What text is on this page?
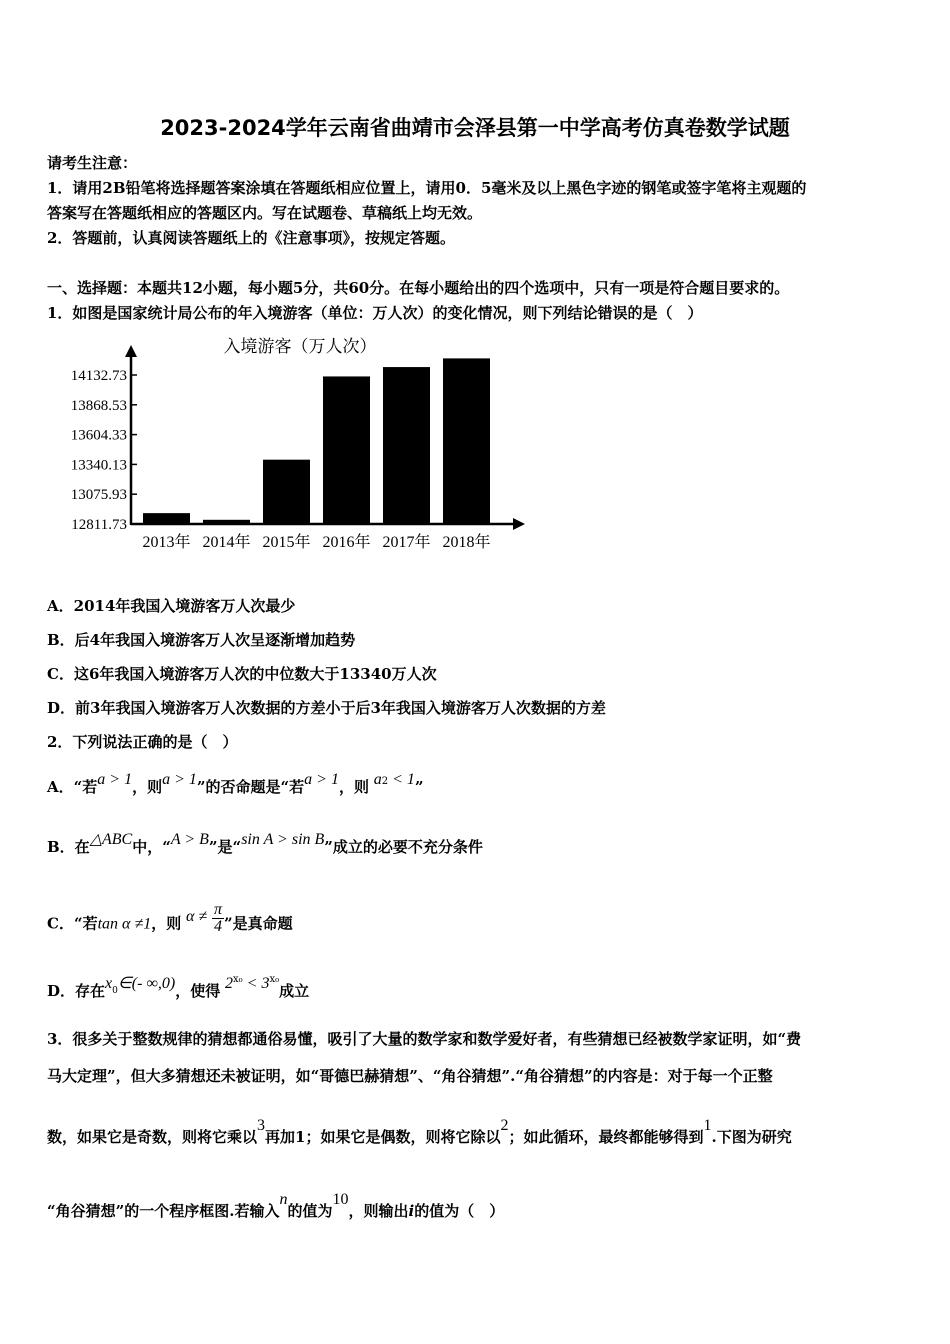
2023-2024学年云南省曲靖市会泽县第一中学高考仿真卷数学试题
请考生注意：
1．请用2B铅笔将选择题答案涂填在答题纸相应位置上，请用0．5毫米及以上黑色字迹的钢笔或签字笔将主观题的
答案写在答题纸相应的答题区内。写在试题卷、草稿纸上均无效。
2．答题前，认真阅读答题纸上的《注意事项》，按规定答题。
一、选择题：本题共12小题，每小题5分，共60分。在每小题给出的四个选项中，只有一项是符合题目要求的。
1．如图是国家统计局公布的年入境游客（单位：万人次）的变化情况，则下列结论错误的是（　）
入境游客（万人次）
12811.73
13075.93
13340.13
13604.33
13868.53
14132.73
2013年 2014年 2015年 2016年 2017年 2018年
A．2014年我国入境游客万人次最少
B．后4年我国入境游客万人次呈逐渐增加趋势
C．这6年我国入境游客万人次的中位数大于13340万人次
D．前3年我国入境游客万人次数据的方差小于后3年我国入境游客万人次数据的方差
2．下列说法正确的是（　）
A．“若a > 1，则a > 1”的否命题是“若a > 1，则 $a^2 < 1$”
B．在△ABC中，“A > B”是“sin A > sin B”成立的必要不充分条件
C．“若tan α ≠1，则 $\alpha \ne \frac{\pi}{4}$ ”是真命题
D．存在$x^0\in(-$ ∞,0)，使得 $2^{x_0} < 3^{x_0}$成立
3．很多关于整数规律的猜想都通俗易懂，吸引了大量的数学家和数学爱好者，有些猜想已经被数学家证明，如“费
马大定理”，但大多猜想还未被证明，如“哥德巴赫猜想”、“角谷猜想”.“角谷猜想”的内容是：对于每一个正整
数，如果它是奇数，则将它乘以3再加1；如果它是偶数，则将它除以2；如此循环，最终都能够得到1.下图为研究
“角谷猜想”的一个程序框图.若输入n的值为10，则输出i的值为（　）
